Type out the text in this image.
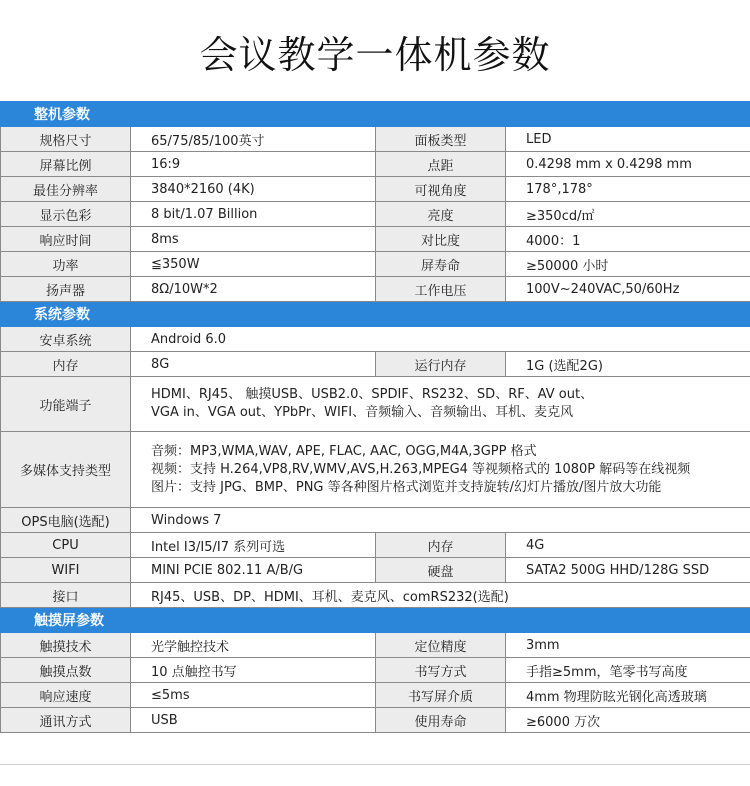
会议教学一体机参数
整机参数			
规格尺寸	65/75/85/100英寸	面板类型	LED
屏幕比例	16:9	点距	0.4298 mm x 0.4298 mm
最佳分辨率	3840*2160 (4K)	可视角度	178°,178°
显示色彩	8 bit/1.07 Billion	亮度	≥350cd/㎡
响应时间	8ms	对比度	4000：1
功率	≦350W	屏寿命	≥50000 小时
扬声器	8Ω/10W*2	工作电压	100V~240VAC,50/60Hz
系统参数			
安卓系统	Android 6.0		
内存	8G	运行内存	1G (选配2G)
功能端子	HDMI、RJ45、 触摸USB、USB2.0、SPDIF、RS232、SD、RF、AV out、
VGA in、VGA out、YPbPr、WIFI、音频输入、音频输出、耳机、麦克风		

多媒体支持类型	音频：MP3,WMA,WAV, APE, FLAC, AAC, OGG,M4A,3GPP 格式
视频：支持 H.264,VP8,RV,WMV,AVS,H.263,MPEG4 等视频格式的 1080P 解码等在线视频
图片：支持 JPG、BMP、PNG 等各种图片格式浏览并支持旋转/幻灯片播放/图片放大功能		

OPS电脑(选配)	Windows 7		
CPU	Intel I3/I5/I7 系列可选	内存	4G
WIFI	MINI PCIE 802.11 A/B/G	硬盘	SATA2 500G HHD/128G SSD
接口	RJ45、USB、DP、HDMI、耳机、麦克风、comRS232(选配)		
触摸屏参数			
触摸技术	光学触控技术	定位精度	3mm
触摸点数	10 点触控书写	书写方式	手指≥5mm，笔零书写高度
响应速度	≤5ms	书写屏介质	4mm 物理防眩光钢化高透玻璃
通讯方式	USB	使用寿命	≥6000 万次
